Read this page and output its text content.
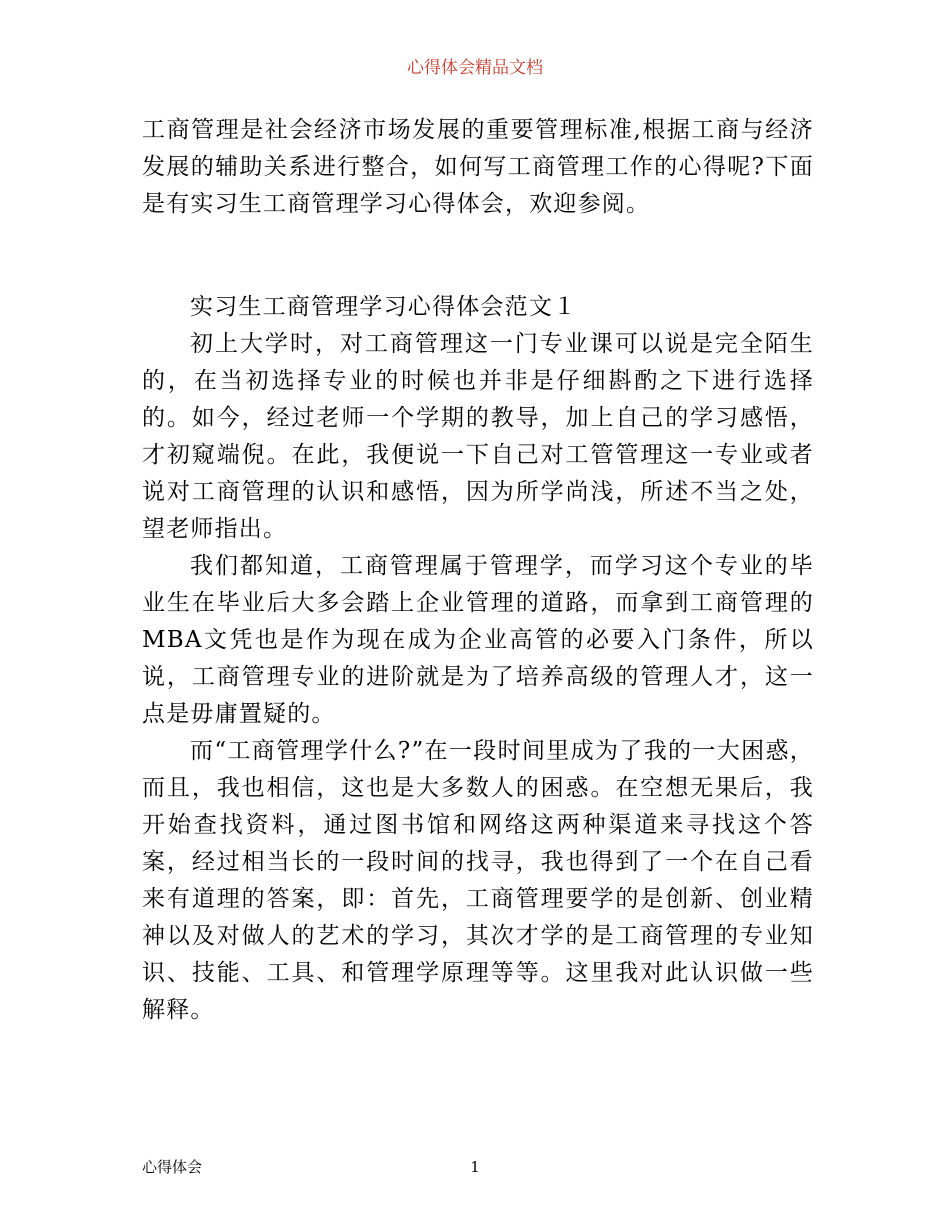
心得体会精品文档

工商管理是社会经济市场发展的重要管理标准,根据工商与经济发展的辅助关系进行整合，如何写工商管理工作的心得呢?下面是有实习生工商管理学习心得体会，欢迎参阅。

实习生工商管理学习心得体会范文１

初上大学时，对工商管理这一门专业课可以说是完全陌生的，在当初选择专业的时候也并非是仔细斟酌之下进行选择的。如今，经过老师一个学期的教导，加上自己的学习感悟，才初窥端倪。在此，我便说一下自己对工管管理这一专业或者说对工商管理的认识和感悟，因为所学尚浅，所述不当之处，望老师指出。

我们都知道，工商管理属于管理学，而学习这个专业的毕业生在毕业后大多会踏上企业管理的道路，而拿到工商管理的MBA文凭也是作为现在成为企业高管的必要入门条件，所以说，工商管理专业的进阶就是为了培养高级的管理人才，这一点是毋庸置疑的。

而“工商管理学什么?”在一段时间里成为了我的一大困惑，而且，我也相信，这也是大多数人的困惑。在空想无果后，我开始查找资料，通过图书馆和网络这两种渠道来寻找这个答案，经过相当长的一段时间的找寻，我也得到了一个在自己看来有道理的答案，即：首先，工商管理要学的是创新、创业精神以及对做人的艺术的学习，其次才学的是工商管理的专业知识、技能、工具、和管理学原理等等。这里我对此认识做一些解释。

心得体会	1
